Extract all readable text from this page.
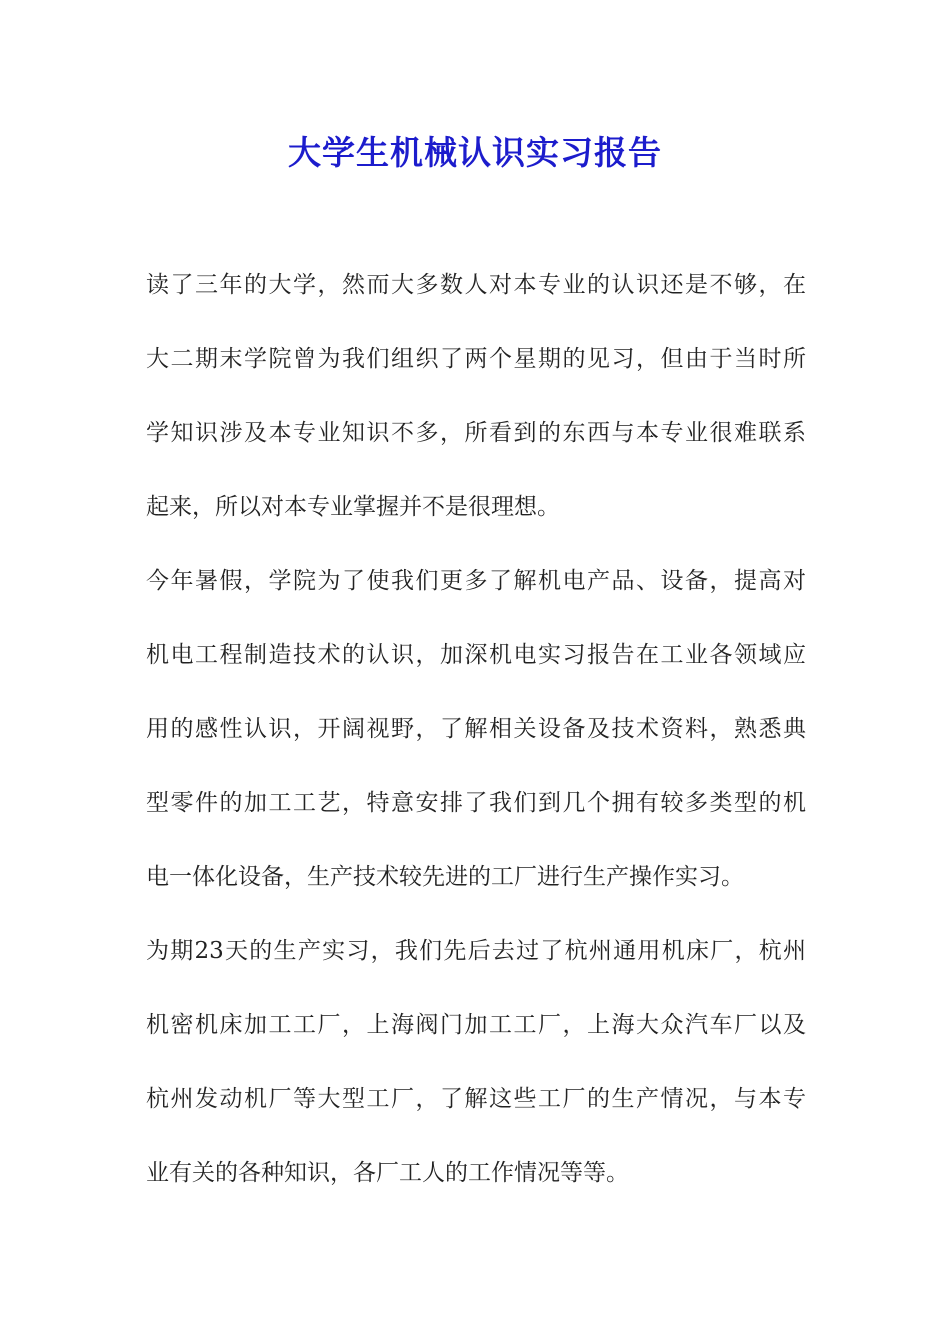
大学生机械认识实习报告
读了三年的大学，然而大多数人对本专业的认识还是不够，在
大二期末学院曾为我们组织了两个星期的见习，但由于当时所
学知识涉及本专业知识不多，所看到的东西与本专业很难联系
起来，所以对本专业掌握并不是很理想。
今年暑假，学院为了使我们更多了解机电产品、设备，提高对
机电工程制造技术的认识，加深机电实习报告在工业各领域应
用的感性认识，开阔视野，了解相关设备及技术资料，熟悉典
型零件的加工工艺，特意安排了我们到几个拥有较多类型的机
电一体化设备，生产技术较先进的工厂进行生产操作实习。
为期23天的生产实习，我们先后去过了杭州通用机床厂，杭州
机密机床加工工厂，上海阀门加工工厂，上海大众汽车厂以及
杭州发动机厂等大型工厂，了解这些工厂的生产情况，与本专
业有关的各种知识，各厂工人的工作情况等等。
